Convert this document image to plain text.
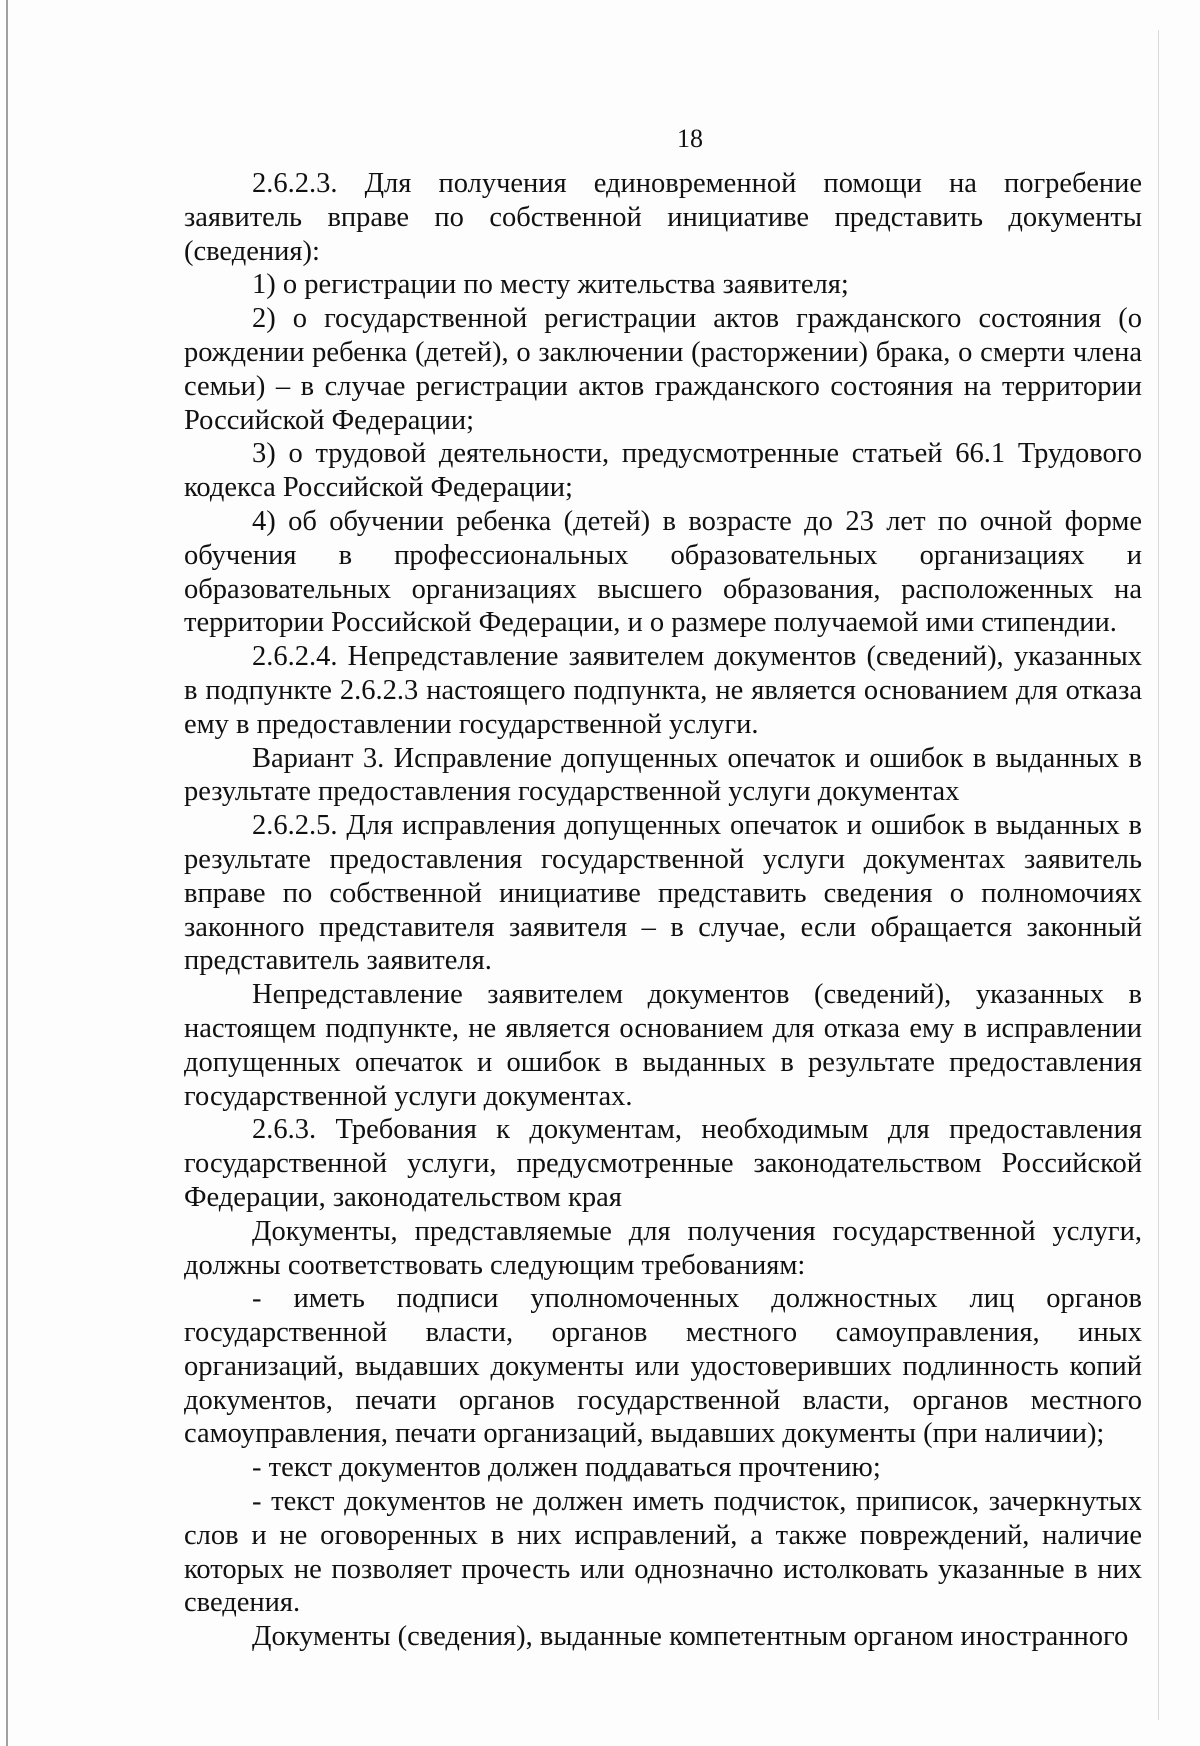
18

2.6.2.3. Для получения единовременной помощи на погребение заявитель вправе по собственной инициативе представить документы (сведения):

1) о регистрации по месту жительства заявителя;

2) о государственной регистрации актов гражданского состояния (о рождении ребенка (детей), о заключении (расторжении) брака, о смерти члена семьи) – в случае регистрации актов гражданского состояния на территории Российской Федерации;

3) о трудовой деятельности, предусмотренные статьей 66.1 Трудового кодекса Российской Федерации;

4) об обучении ребенка (детей) в возрасте до 23 лет по очной форме обучения в профессиональных образовательных организациях и образовательных организациях высшего образования, расположенных на территории Российской Федерации, и о размере получаемой ими стипендии.

2.6.2.4. Непредставление заявителем документов (сведений), указанных в подпункте 2.6.2.3 настоящего подпункта, не является основанием для отказа ему в предоставлении государственной услуги.

Вариант 3. Исправление допущенных опечаток и ошибок в выданных в результате предоставления государственной услуги документах

2.6.2.5. Для исправления допущенных опечаток и ошибок в выданных в результате предоставления государственной услуги документах заявитель вправе по собственной инициативе представить сведения о полномочиях законного представителя заявителя – в случае, если обращается законный представитель заявителя.

Непредставление заявителем документов (сведений), указанных в настоящем подпункте, не является основанием для отказа ему в исправлении допущенных опечаток и ошибок в выданных в результате предоставления государственной услуги документах.

2.6.3. Требования к документам, необходимым для предоставления государственной услуги, предусмотренные законодательством Российской Федерации, законодательством края

Документы, представляемые для получения государственной услуги, должны соответствовать следующим требованиям:

- иметь подписи уполномоченных должностных лиц органов государственной власти, органов местного самоуправления, иных организаций, выдавших документы или удостоверивших подлинность копий документов, печати органов государственной власти, органов местного самоуправления, печати организаций, выдавших документы (при наличии);

- текст документов должен поддаваться прочтению;

- текст документов не должен иметь подчисток, приписок, зачеркнутых слов и не оговоренных в них исправлений, а также повреждений, наличие которых не позволяет прочесть или однозначно истолковать указанные в них сведения.

Документы (сведения), выданные компетентным органом иностранного
